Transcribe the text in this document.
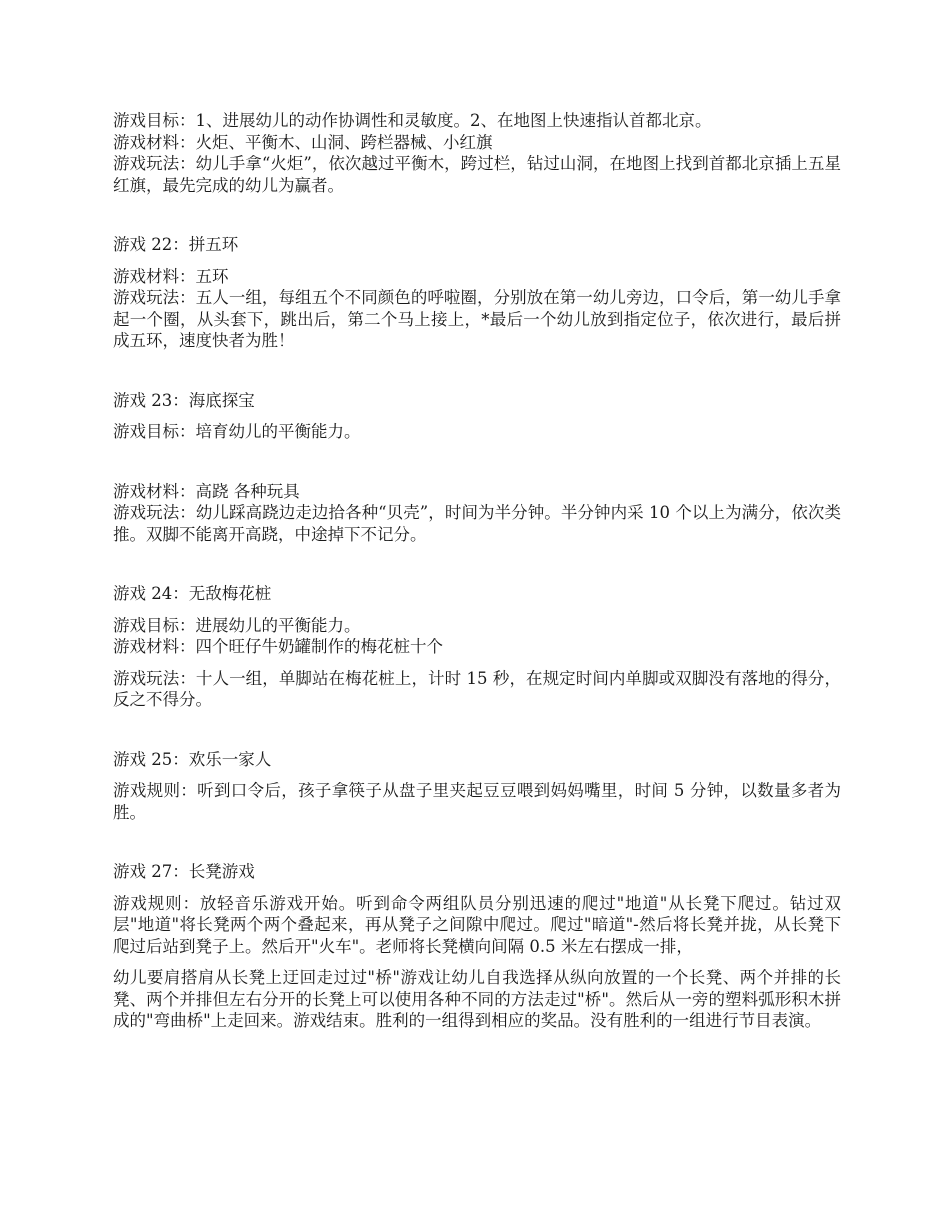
游戏目标：1、进展幼儿的动作协调性和灵敏度。2、在地图上快速指认首都北京。
游戏材料：火炬、平衡木、山洞、跨栏器械、小红旗
游戏玩法：幼儿手拿“火炬”，依次越过平衡木，跨过栏，钻过山洞，在地图上找到首都北京插上五星红旗，最先完成的幼儿为赢者。
游戏 22：拼五环
游戏材料：五环
游戏玩法：五人一组，每组五个不同颜色的呼啦圈，分别放在第一幼儿旁边，口令后，第一幼儿手拿起一个圈，从头套下，跳出后，第二个马上接上，*最后一个幼儿放到指定位子，依次进行，最后拼成五环，速度快者为胜！
游戏 23：海底探宝
游戏目标：培育幼儿的平衡能力。
游戏材料：高跷 各种玩具
游戏玩法：幼儿踩高跷边走边拾各种“贝壳”，时间为半分钟。半分钟内采 10 个以上为满分，依次类推。双脚不能离开高跷，中途掉下不记分。
游戏 24：无敌梅花桩
游戏目标：进展幼儿的平衡能力。
游戏材料：四个旺仔牛奶罐制作的梅花桩十个
游戏玩法：十人一组，单脚站在梅花桩上，计时 15 秒，在规定时间内单脚或双脚没有落地的得分，反之不得分。
游戏 25：欢乐一家人
游戏规则：听到口令后，孩子拿筷子从盘子里夹起豆豆喂到妈妈嘴里，时间 5 分钟，以数量多者为胜。
游戏 27：长凳游戏
游戏规则：放轻音乐游戏开始。听到命令两组队员分别迅速的爬过"地道"从长凳下爬过。钻过双层"地道"将长凳两个两个叠起来，再从凳子之间隙中爬过。爬过"暗道"-然后将长凳并拢，从长凳下爬过后站到凳子上。然后开"火车"。老师将长凳横向间隔 0.5 米左右摆成一排，
幼儿要肩搭肩从长凳上迂回走过过"桥"游戏让幼儿自我选择从纵向放置的一个长凳、两个并排的长凳、两个并排但左右分开的长凳上可以使用各种不同的方法走过"桥"。然后从一旁的塑料弧形积木拼成的"弯曲桥"上走回来。游戏结束。胜利的一组得到相应的奖品。没有胜利的一组进行节目表演。
